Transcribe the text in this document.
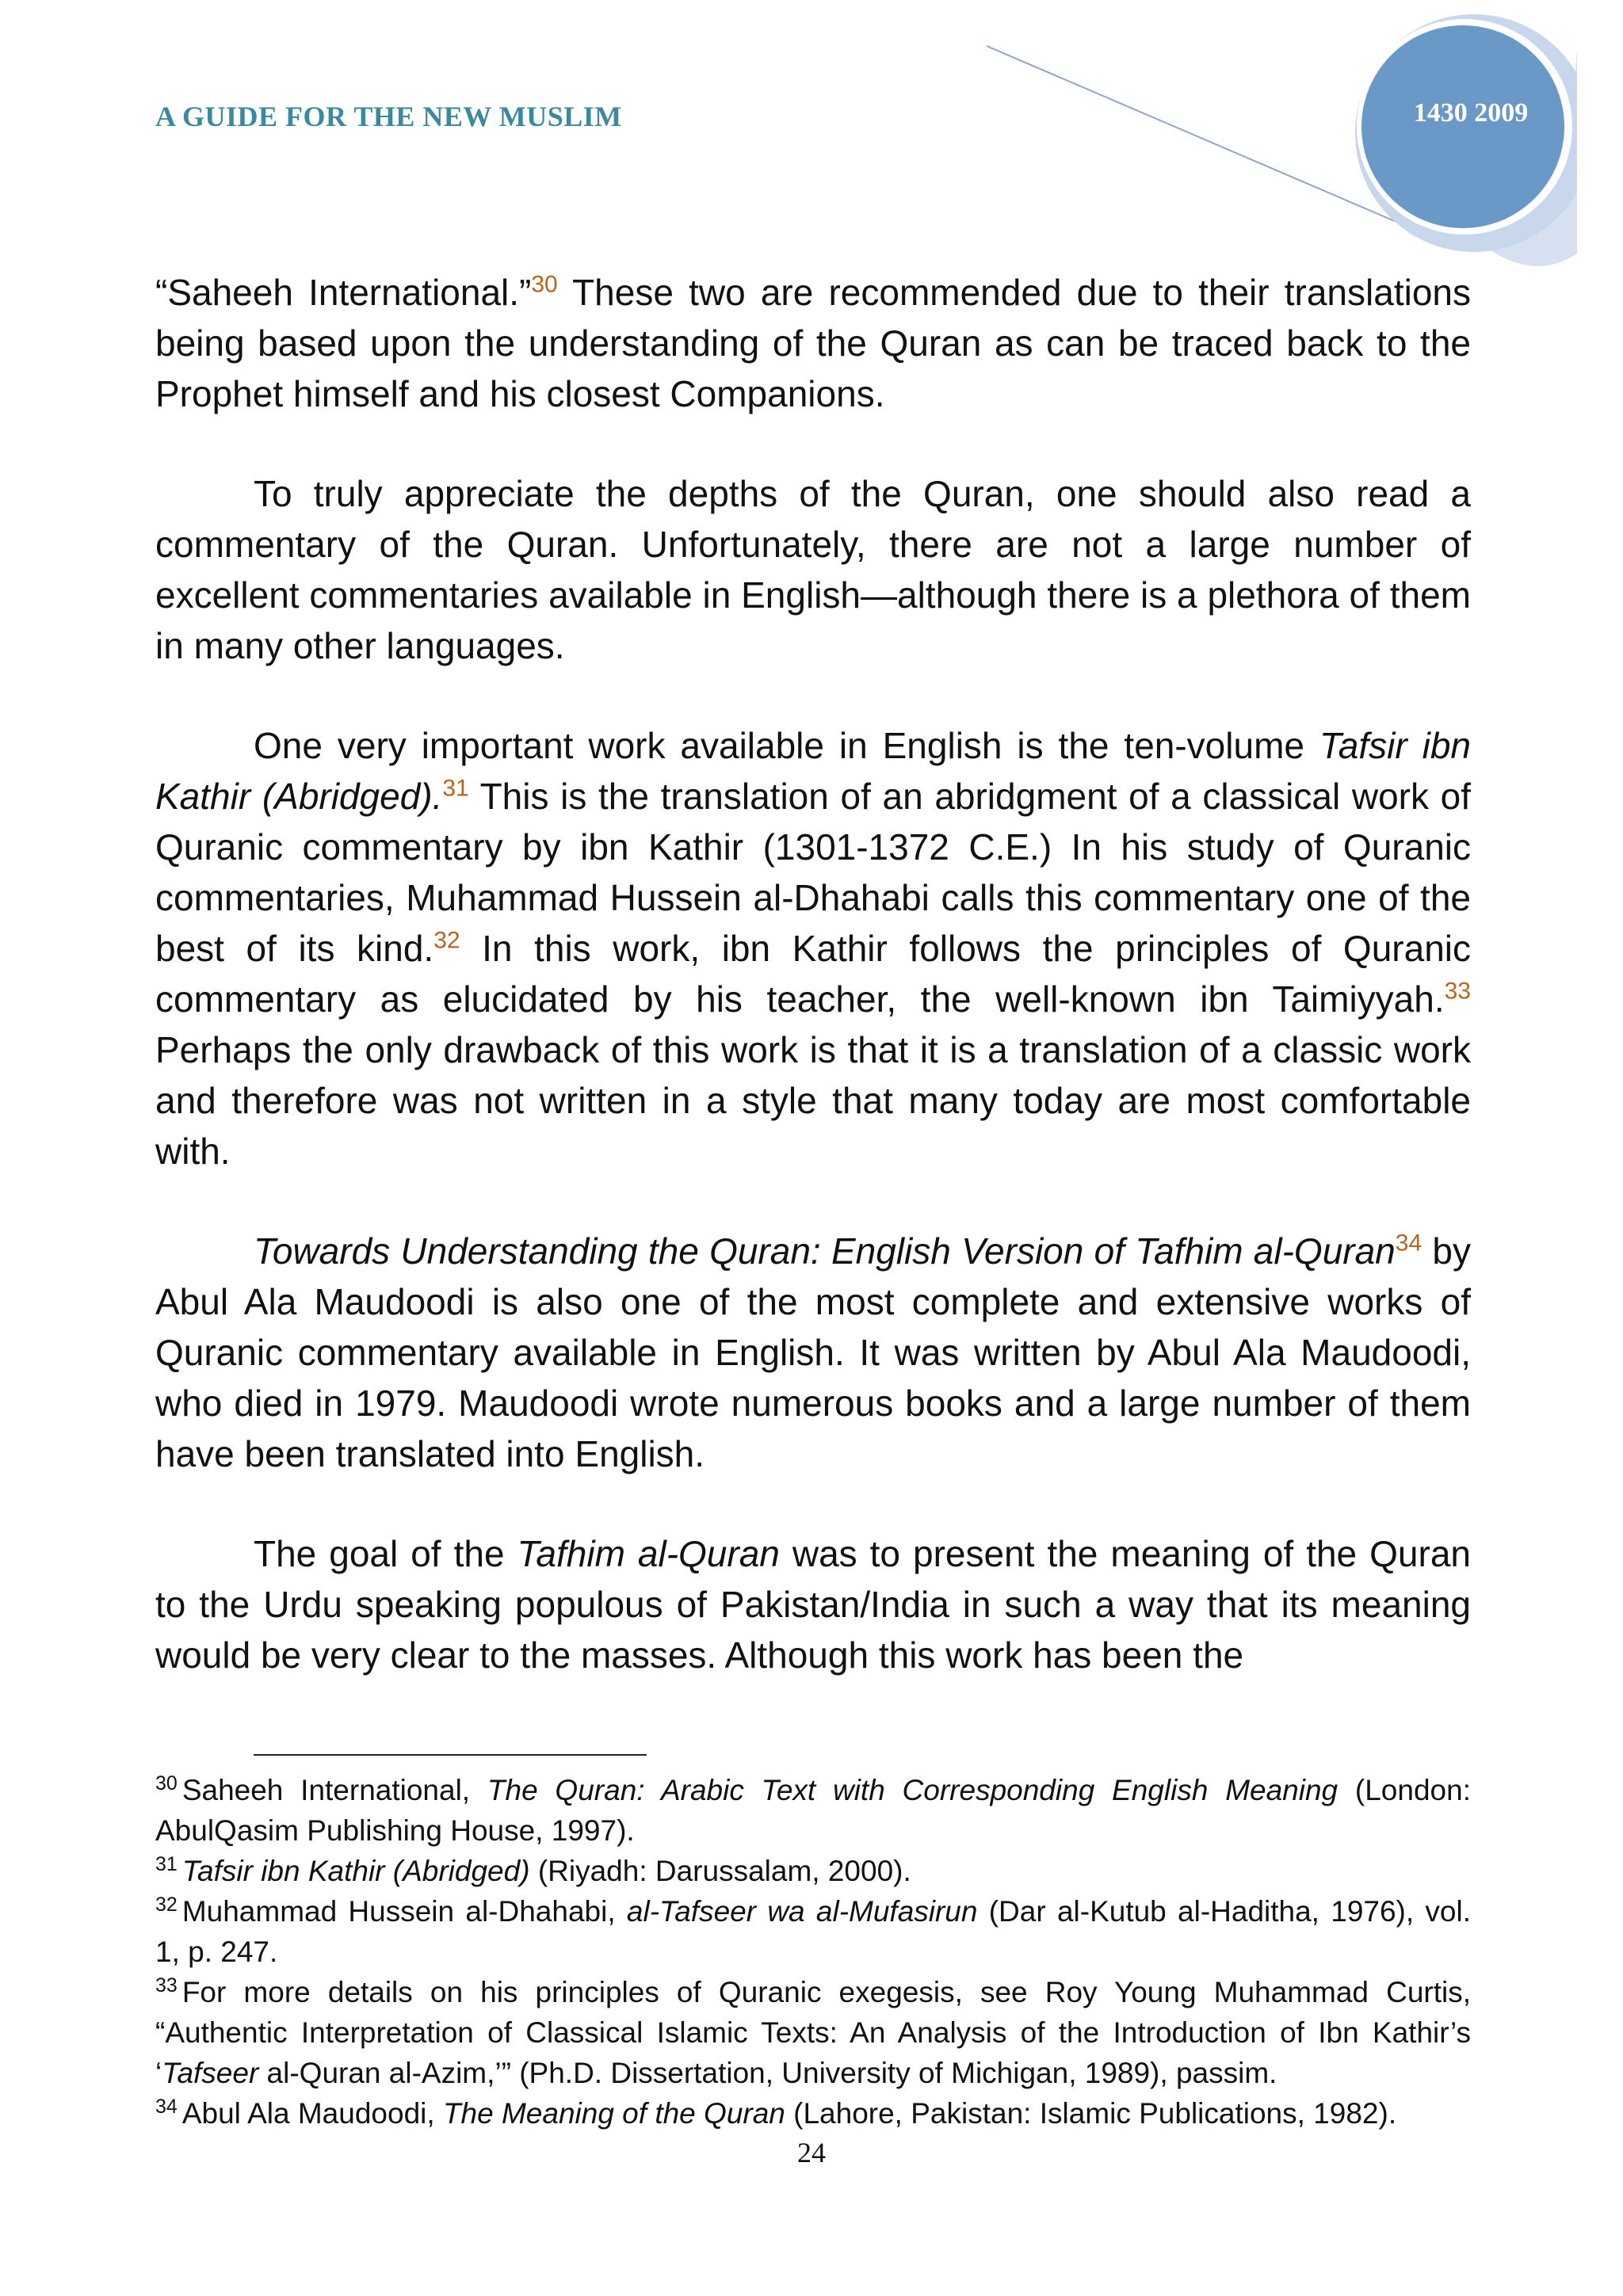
A GUIDE FOR THE NEW MUSLIM	1430 2009

“Saheeh International.”$^{30}$ These two are recommended due to their translations being based upon the understanding of the Quran as can be traced back to the Prophet himself and his closest Companions.

To truly appreciate the depths of the Quran, one should also read a commentary of the Quran. Unfortunately, there are not a large number of excellent commentaries available in English—although there is a plethora of them in many other languages.

One very important work available in English is the ten-volume Tafsir ibn Kathir (Abridged).$^{31}$ This is the translation of an abridgment of a classical work of Quranic commentary by ibn Kathir (1301-1372 C.E.) In his study of Quranic commentaries, Muhammad Hussein al-Dhahabi calls this commentary one of the best of its kind.$^{32}$ In this work, ibn Kathir follows the principles of Quranic commentary as elucidated by his teacher, the well-known ibn Taimiyyah.$^{33}$ Perhaps the only drawback of this work is that it is a translation of a classic work and therefore was not written in a style that many today are most comfortable with.

Towards Understanding the Quran: English Version of Tafhim al-Quran$^{34}$ by Abul Ala Maudoodi is also one of the most complete and extensive works of Quranic commentary available in English. It was written by Abul Ala Maudoodi, who died in 1979. Maudoodi wrote numerous books and a large number of them have been translated into English.

The goal of the Tafhim al-Quran was to present the meaning of the Quran to the Urdu speaking populous of Pakistan/India in such a way that its meaning would be very clear to the masses. Although this work has been the

$^{30}$ Saheeh International, The Quran: Arabic Text with Corresponding English Meaning (London: AbulQasim Publishing House, 1997).

$^{31}$ Tafsir ibn Kathir (Abridged) (Riyadh: Darussalam, 2000).

$^{32}$ Muhammad Hussein al-Dhahabi, al-Tafseer wa al-Mufasirun (Dar al-Kutub al-Haditha, 1976), vol. 1, p. 247.

$^{33}$ For more details on his principles of Quranic exegesis, see Roy Young Muhammad Curtis, “Authentic Interpretation of Classical Islamic Texts: An Analysis of the Introduction of Ibn Kathir’s ‘Tafseer al-Quran al-Azim,’” (Ph.D. Dissertation, University of Michigan, 1989), passim.

$^{34}$ Abul Ala Maudoodi, The Meaning of the Quran (Lahore, Pakistan: Islamic Publications, 1982).

24
